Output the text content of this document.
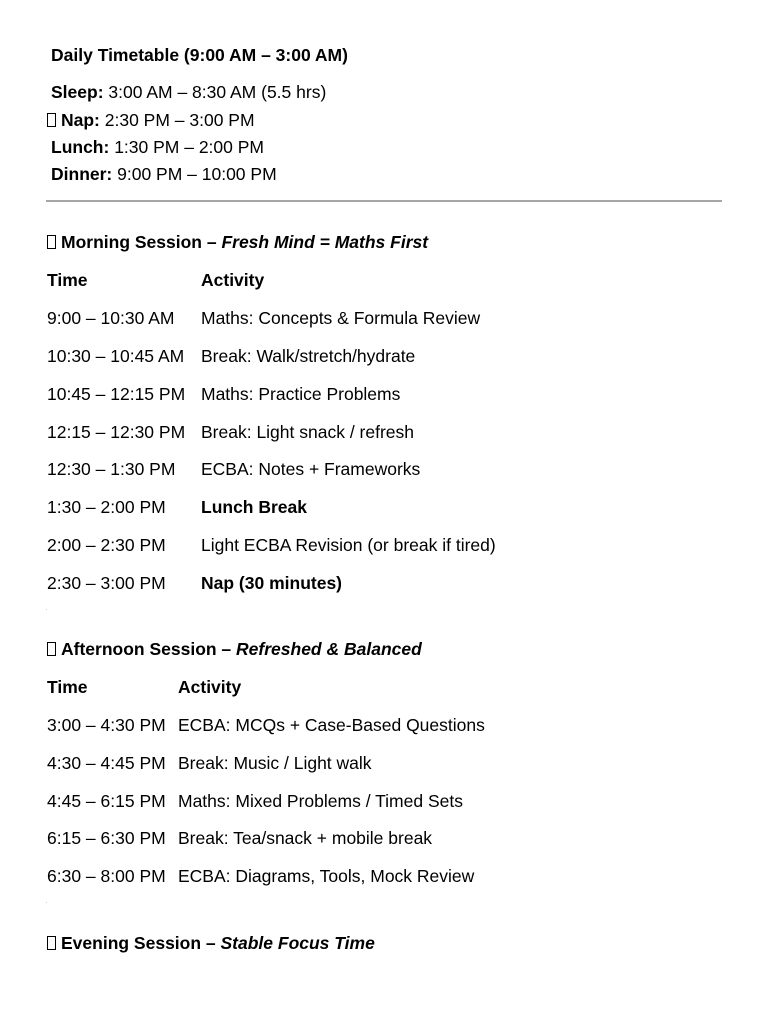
Daily Timetable (9:00 AM – 3:00 AM)
Sleep: 3:00 AM – 8:30 AM (5.5 hrs)
Nap: 2:30 PM – 3:00 PM
Lunch: 1:30 PM – 2:00 PM
Dinner: 9:00 PM – 10:00 PM
Morning Session – Fresh Mind = Maths First
Time	Activity
9:00 – 10:30 AM Maths: Concepts & Formula Review
10:30 – 10:45 AM Break: Walk/stretch/hydrate
10:45 – 12:15 PM Maths: Practice Problems
12:15 – 12:30 PM Break: Light snack / refresh
12:30 – 1:30 PM ECBA: Notes + Frameworks
1:30 – 2:00 PM Lunch Break
2:00 – 2:30 PM Light ECBA Revision (or break if tired)
2:30 – 3:00 PM Nap (30 minutes)
Afternoon Session – Refreshed & Balanced
Time	Activity
3:00 – 4:30 PM ECBA: MCQs + Case-Based Questions
4:30 – 4:45 PM Break: Music / Light walk
4:45 – 6:15 PM Maths: Mixed Problems / Timed Sets
6:15 – 6:30 PM Break: Tea/snack + mobile break
6:30 – 8:00 PM ECBA: Diagrams, Tools, Mock Review
Evening Session – Stable Focus Time
